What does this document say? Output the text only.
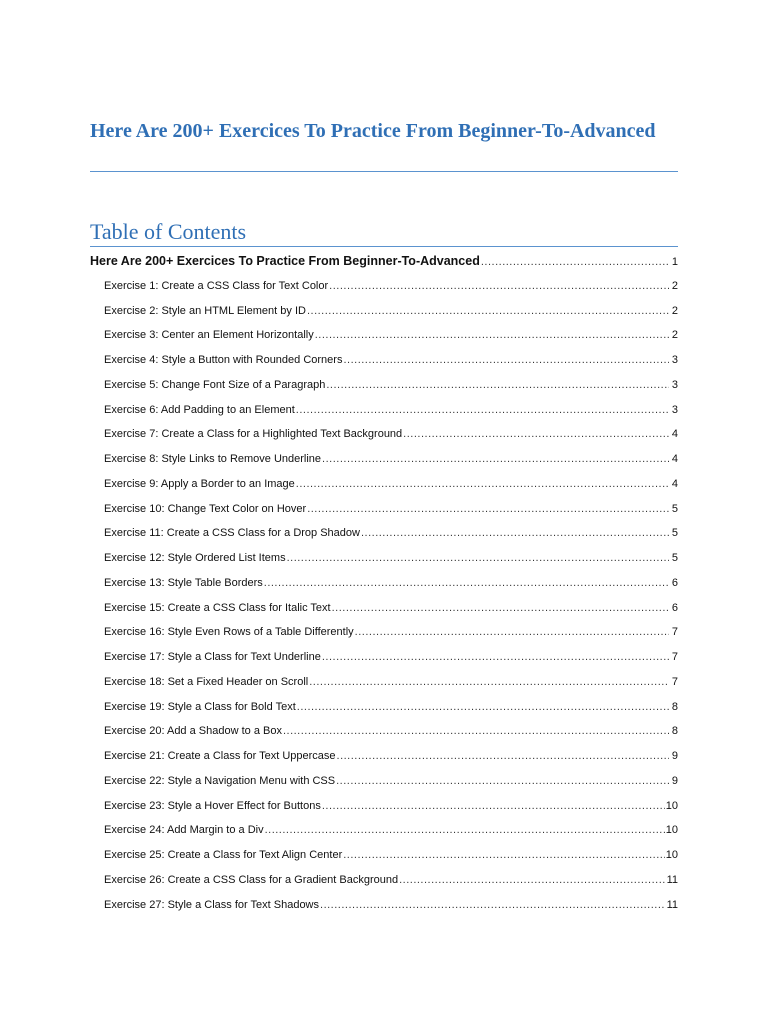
Here Are 200+ Exercices To Practice From Beginner-To-Advanced
Table of Contents
Here Are 200+ Exercices To Practice From Beginner-To-Advanced .....	1
Exercise 1: Create a CSS Class for Text Color .....	2
Exercise 2: Style an HTML Element by ID .....	2
Exercise 3: Center an Element Horizontally .....	2
Exercise 4: Style a Button with Rounded Corners .....	3
Exercise 5: Change Font Size of a Paragraph .....	3
Exercise 6: Add Padding to an Element .....	3
Exercise 7: Create a Class for a Highlighted Text Background .....	4
Exercise 8: Style Links to Remove Underline .....	4
Exercise 9: Apply a Border to an Image .....	4
Exercise 10: Change Text Color on Hover .....	5
Exercise 11: Create a CSS Class for a Drop Shadow .....	5
Exercise 12: Style Ordered List Items .....	5
Exercise 13: Style Table Borders .....	6
Exercise 15: Create a CSS Class for Italic Text .....	6
Exercise 16: Style Even Rows of a Table Differently .....	7
Exercise 17: Style a Class for Text Underline .....	7
Exercise 18: Set a Fixed Header on Scroll .....	7
Exercise 19: Style a Class for Bold Text .....	8
Exercise 20: Add a Shadow to a Box .....	8
Exercise 21: Create a Class for Text Uppercase .....	9
Exercise 22: Style a Navigation Menu with CSS .....	9
Exercise 23: Style a Hover Effect for Buttons .....	10
Exercise 24: Add Margin to a Div .....	10
Exercise 25: Create a Class for Text Align Center .....	10
Exercise 26: Create a CSS Class for a Gradient Background .....	11
Exercise 27: Style a Class for Text Shadows .....	11
